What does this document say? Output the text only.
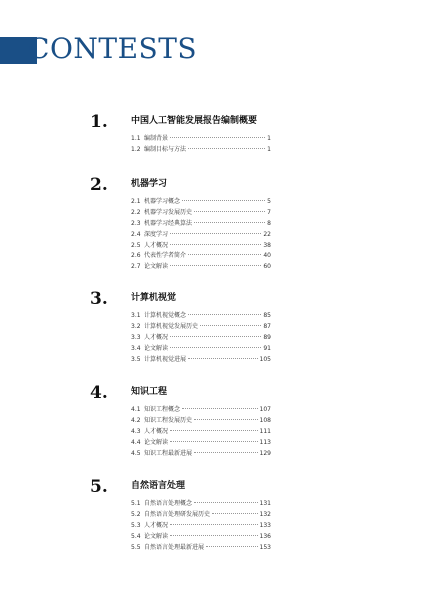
CONTESTS
1.	中国人工智能发展报告编制概要
1.1 编制背景	1
1.2 编制目标与方法	1
2.	机器学习
2.1 机器学习概念	5
2.2 机器学习发展历史	7
2.3 机器学习经典算法	8
2.4 深度学习	22
2.5 人才概况	38
2.6 代表性学者简介	40
2.7 论文解读	60
3.	计算机视觉
3.1 计算机视觉概念	85
3.2 计算机视觉发展历史	87
3.3 人才概况	89
3.4 论文解读	91
3.5 计算机视觉进展	105
4.	知识工程
4.1 知识工程概念	107
4.2 知识工程发展历史	108
4.3 人才概况	111
4.4 论文解读	113
4.5 知识工程最新进展	129
5.	自然语言处理
5.1 自然语言处理概念	131
5.2 自然语言处理研发展历史	132
5.3 人才概况	133
5.4 论文解读	136
5.5 自然语言处理最新进展	153
